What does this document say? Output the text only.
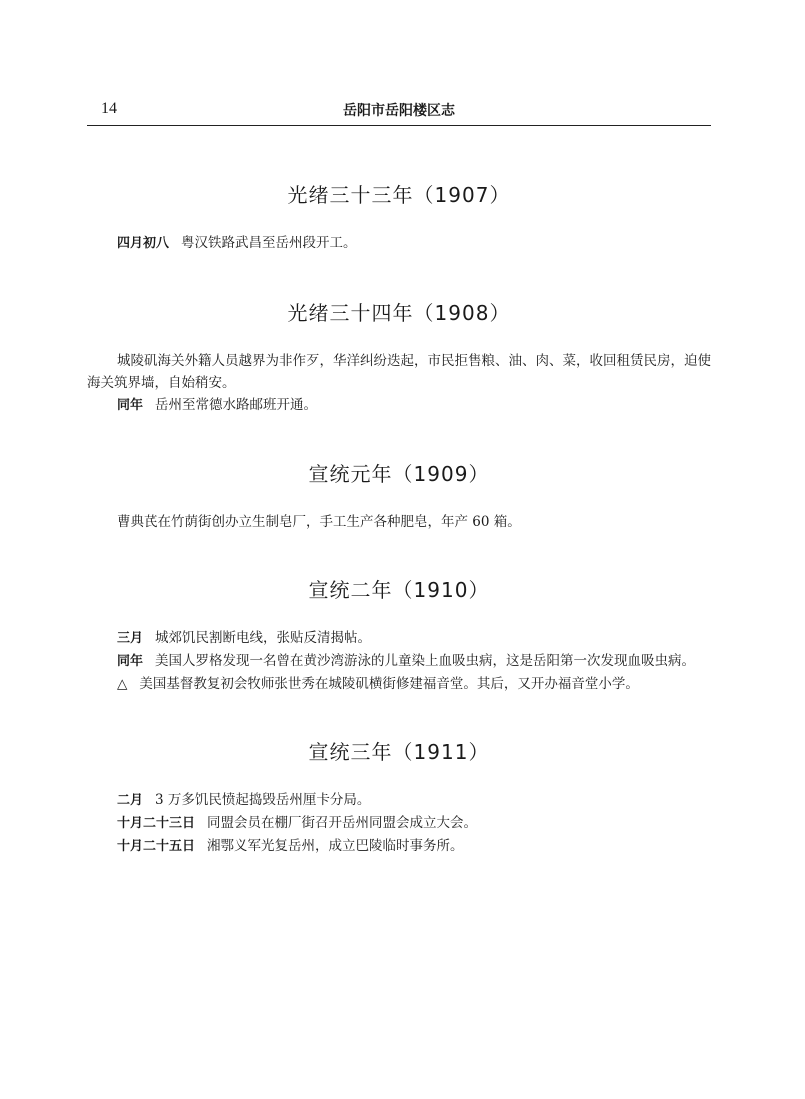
14	岳阳市岳阳楼区志
光绪三十三年（1907）

四月初八 粤汉铁路武昌至岳州段开工。

光绪三十四年（1908）

城陵矶海关外籍人员越界为非作歹，华洋纠纷迭起，市民拒售粮、油、肉、菜，收回租赁民房，迫使海关筑界墙，自始稍安。

同年 岳州至常德水路邮班开通。

宣统元年（1909）

曹典芪在竹荫街创办立生制皂厂，手工生产各种肥皂，年产 60 箱。

宣统二年（1910）

三月 城郊饥民割断电线，张贴反清揭帖。

同年 美国人罗格发现一名曾在黄沙湾游泳的儿童染上血吸虫病，这是岳阳第一次发现血吸虫病。

△ 美国基督教复初会牧师张世秀在城陵矶横街修建福音堂。其后，又开办福音堂小学。

宣统三年（1911）

二月 3 万多饥民愤起捣毁岳州厘卡分局。

十月二十三日 同盟会员在棚厂街召开岳州同盟会成立大会。

十月二十五日 湘鄂义军光复岳州，成立巴陵临时事务所。
